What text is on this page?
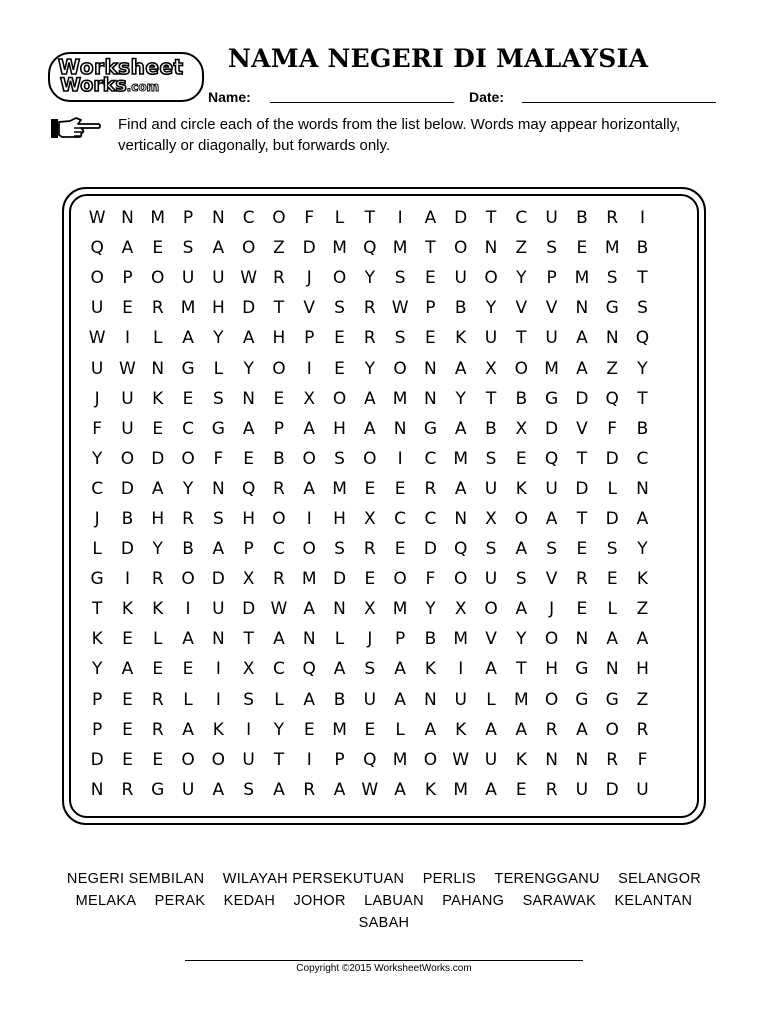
Worksheet
Works.com
NAMA NEGERI DI MALAYSIA
Name:	Date:
Find and circle each of the words from the list below. Words may appear horizontally, vertically or diagonally, but forwards only.
W N M	P	N	C	O	F	L	T	I	A	D	T	C	U	B	R	I
Q	A	E	S	A	O	Z	D M Q M	T	O	N	Z	S	E	M	B
O	P	O	U	U W R	J	O	Y	S	E	U	O	Y	P	M	S	T
U	E	R	M H	D	T	V	S	R W P	B	Y	V	V	N	G	S
W	I	L	A	Y	A	H	P	E	R	S	E	K	U	T	U	A	N	Q
U W N	G	L	Y	O	I	E	Y	O	N	A	X	O M	A	Z	Y
J	U	K	E	S	N	E	X	O	A	M N	Y	T	B	G	D	Q	T
F	U	E	C	G	A	P	A	H	A	N	G	A	B	X	D	V	F	B
Y	O	D	O	F	E	B	O	S	O	I	C	M	S	E	Q	T	D	C
C	D	A	Y	N	Q	R	A	M	E	E	R	A	U	K	U	D	L	N
J	B	H	R	S	H	O	I	H	X	C	C	N	X	O	A	T	D	A
L	D	Y	B	A	P	C	O	S	R	E	D	Q	S	A	S	E	S	Y
G	I	R	O	D	X	R	M D	E	O	F	O	U	S	V	R	E	K
T	K	K	I	U	D W A	N	X	M	Y	X	O	A	J	E	L	Z
K	E	L	A	N	T	A	N	L	J	P	B	M	V	Y	O	N	A	A
Y	A	E	E	I	X	C	Q	A	S	A	K	I	A	T	H	G	N	H
P	E	R	L	I	S	L	A	B	U	A	N	U	L	M O	G	G	Z
P	E	R	A	K	I	Y	E	M	E	L	A	K	A	A	R	A	O	R
D	E	E	O O	U	T	I	P	Q M O W U	K	N	N	R	F
N	R	G	U	A	S	A	R	A W A	K	M	A	E	R	U	D	U
NEGERI SEMBILAN WILAYAH PERSEKUTUAN PERLIS TERENGGANU SELANGOR MELAKA PERAK KEDAH JOHOR LABUAN PAHANG SARAWAK KELANTAN SABAH
Copyright ©2015 WorksheetWorks.com
